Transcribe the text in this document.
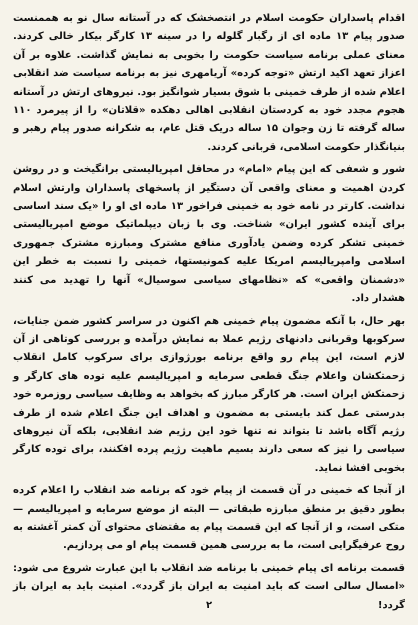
اقدام پاسداران حکومت اسلام در انتصخشک که در آستانه سال نو به هممنست صدور پیام ۱۳ ماده ای از رگبار گلوله را در سینه ۱۳ کارگر بیکار خالی کردند. معنای عملی برنامه سیاست حکومت را بخوبی به نمایش گذاشت. علاوه بر آن اعزاز تعهد اکید ارتش «توجه کرده» آریامهری نیز به برنامه سیاست ضد انقلابی اعلام شده از طرف خمینی با شوق بسیار شوانگیز بود. نیروهای ارتش در آستانه هجوم مجدد خود به کردستان انقلابی اهالی دهکده «قلاتان» را از پیرمرد ۱۱۰ ساله گرفته تا زن وجوان ۱۵ ساله دریک قتل عام، به شکرانه صدور پیام رهبر و بنیانگذار حکومت اسلامی، قربانی کردند.

شور و شعفی که این پیام «امام» در محافل امپریالیستی برانگیخت و در روشن کردن اهمیت و معنای واقعی آن دستگیر از پاسخهای پاسداران وارتش اسلام نداشت. کارتر در نامه خود به خمینی فراخور ۱۳ ماده ای او را «یک سند اساسی برای آینده کشور ایران» شناخت. وی با زبان دیپلماتیک موضع امپریالیستی خمینی تشکر کرده وضمن یادآوری منافع مشترک ومبارزه مشترک جمهوری اسلامی وامپریالیسم امریکا علیه کمونیستها، خمینی را نسبت به خطر این «دشمنان واقعی» که «نظامهای سیاسی سوسیال» آنها را تهدید می کنند هشدار داد.

بهر حال، با آنکه مضمون پیام خمینی هم اکنون در سراسر کشور ضمن جنایات، سرکوبها وقربانی دادنهای رژیم عملا به نمایش درآمده و بررسی کوتاهی از آن لازم است، این پیام رو واقع برنامه بورژوازی برای سرکوب کامل انقلاب زحمتکشان واعلام جنگ قطعی سرمایه و امپریالیسم علیه توده های کارگر و زحمتکش ایران است. هر کارگر مبارز که بخواهد به وظایف سیاسی روزمره خود بدرستی عمل کند بایستی به مضمون و اهداف این جنگ اعلام شده از طرف رژیم آگاه باشد تا بتواند نه تنها خود این رژیم ضد انقلابی، بلکه آن نیروهای سیاسی را نیز که سعی دارند بسیم ماهیت رژیم پرده افکنند، برای توده کارگر بخوبی افشا نماید.

از آنجا که خمینی در آن قسمت از پیام خود که برنامه ضد انقلاب را اعلام کرده بطور دقیق بر منطق مبارزه طبقاتی — البته از موضع سرمایه و امپریالیسم — متکی است، و از آنجا که این قسمت پیام به مقتضای محتوای آن کمتر آغشته به روح عرفیگرایی است، ما به بررسی همین قسمت پیام او می پردازیم.

قسمت برنامه ای پیام خمینی با برنامه ضد انقلاب با این عبارت شروع می شود: «امسال سالی است که باید امنیت به ایران باز گردد». امنیت باید به ایران باز گردد!

۲
